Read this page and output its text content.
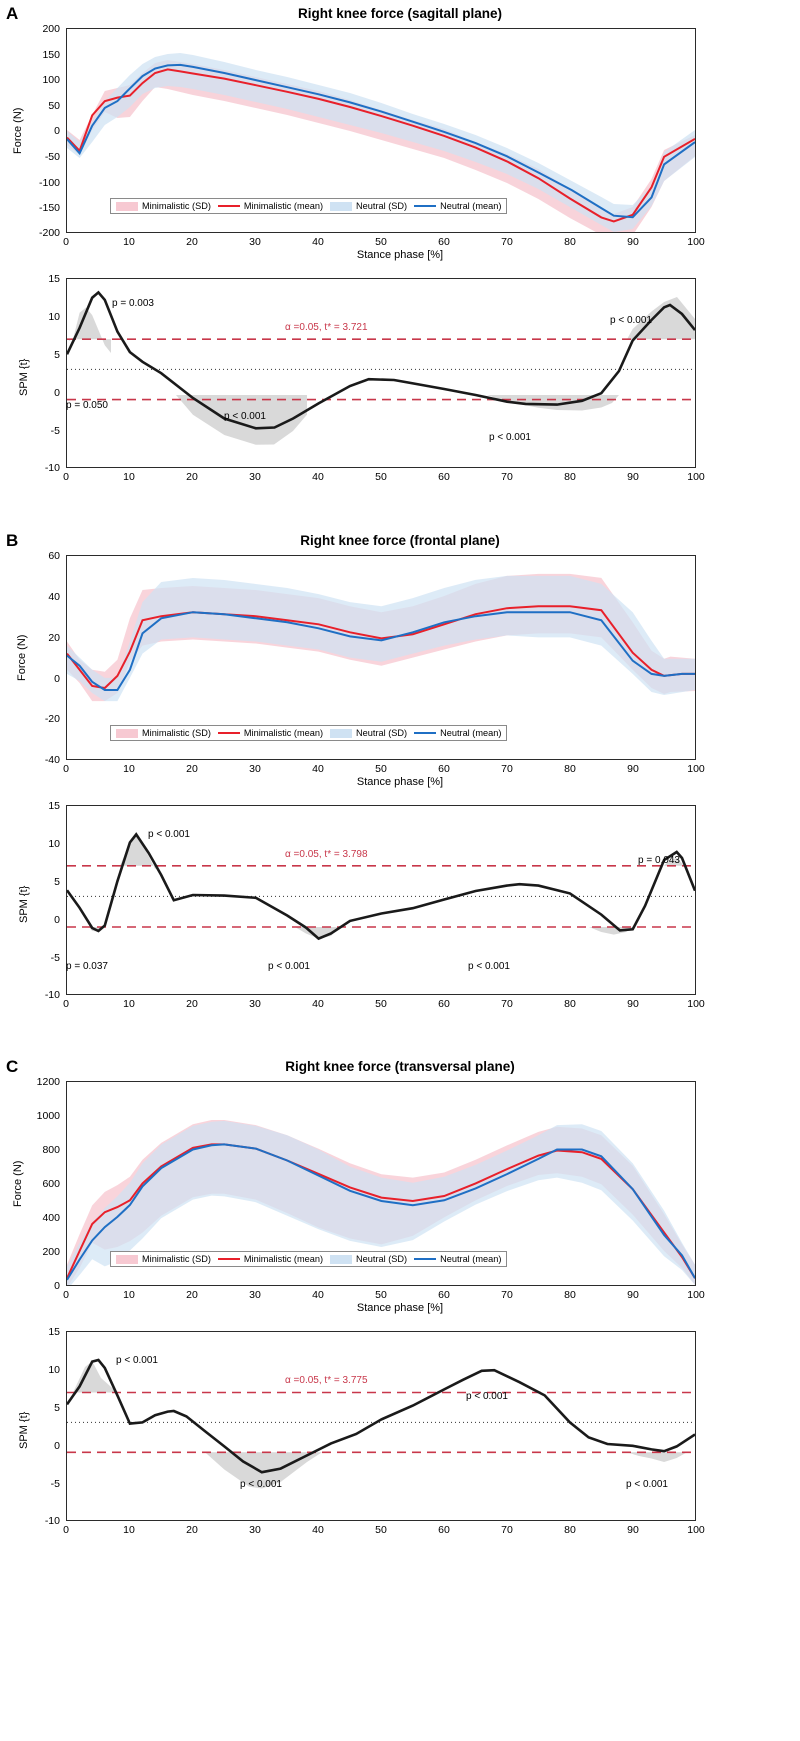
A	Right knee force (sagitall plane)
Force (N)
200
150
100
50
0
-50
-100
-150
-200
0	10	20	30	40	50	60	70	80	90	100
Stance phase [%]
Minimalistic (SD)	Minimalistic (mean)	Neutral (SD)	Neutral (mean)
SPM {t}
15
10
5
0
-5
-10
0	10	20	30	40	50	60	70	80	90	100
α =0.05, t* = 3.721
p = 0.003
p = 0.050
p < 0.001
p < 0.001
p < 0.001
B	Right knee force (frontal plane)
Force (N)
60
40
20
0
-20
-40
0	10	20	30	40	50	60	70	80	90	100
Stance phase [%]
Minimalistic (SD)	Minimalistic (mean)	Neutral (SD)	Neutral (mean)
SPM {t}
15
10
5
0
-5
-10
0	10	20	30	40	50	60	70	80	90	100
α =0.05, t* = 3.798
p < 0.001
p = 0.037	p < 0.001	p < 0.001
p = 0.043
C	Right knee force (transversal plane)
Force (N)
1200
1000
800
600
400
200
0
0	10	20	30	40	50	60	70	80	90	100
Stance phase [%]
Minimalistic (SD)	Minimalistic (mean)	Neutral (SD)	Neutral (mean)
SPM {t}
15
10
5
0
-5
-10
0	10	20	30	40	50	60	70	80	90	100
α =0.05, t* = 3.775
p < 0.001
p < 0.001
p < 0.001
p < 0.001
